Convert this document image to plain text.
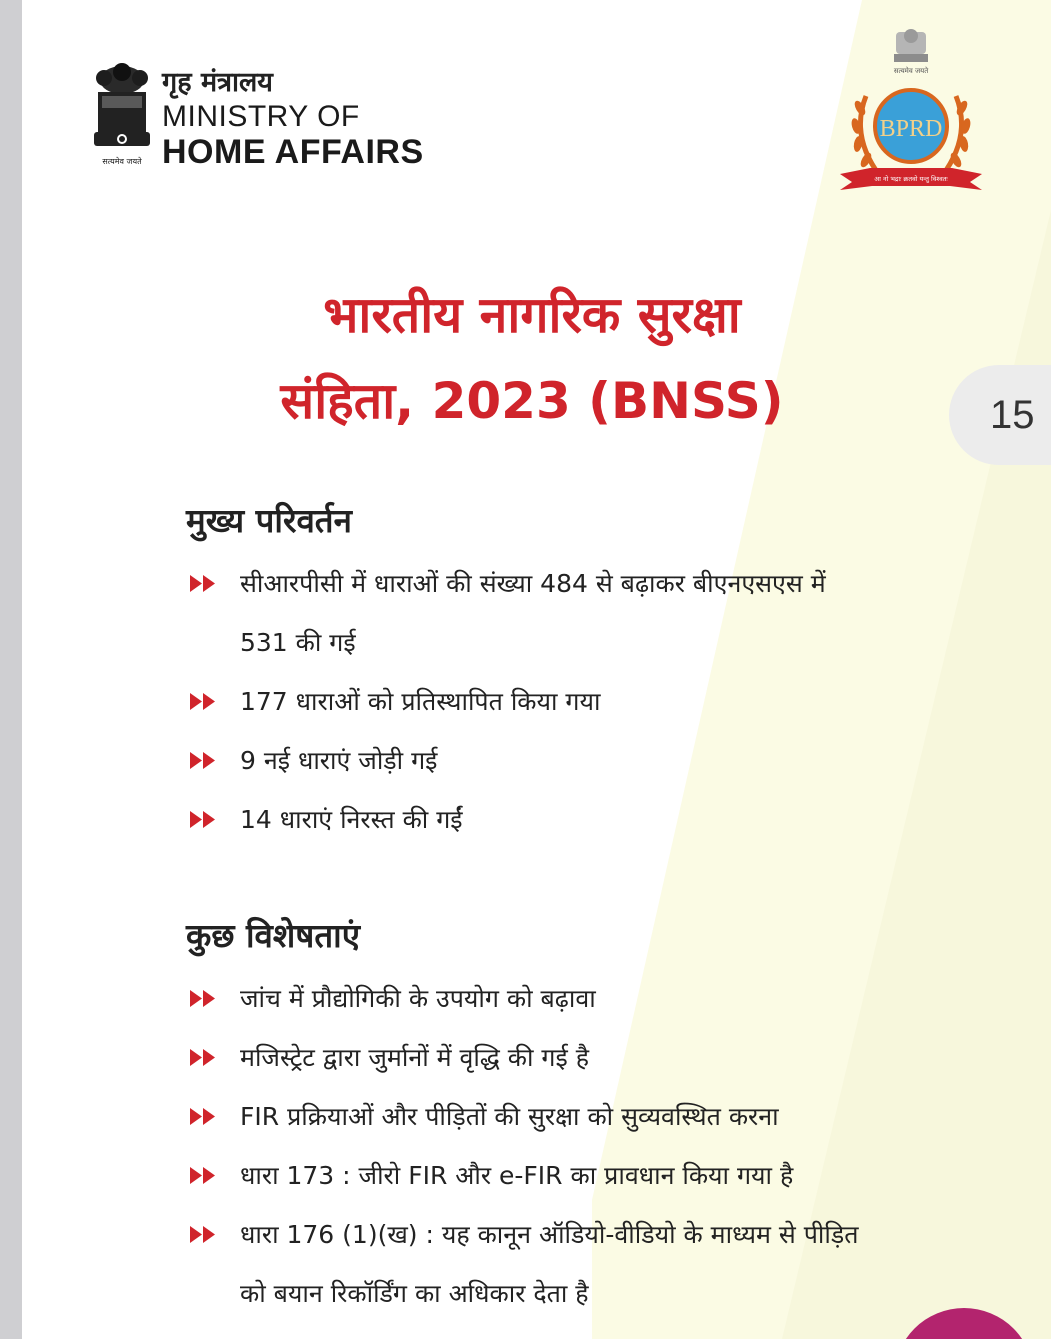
सत्यमेव जयते
गृह मंत्रालय
MINISTRY OF
HOME AFFAIRS
सत्यमेव जयते
BPRD
आ नो भद्राः क्रतवो यन्तु विश्वतः
भारतीय नागरिक सुरक्षा
संहिता, 2023 (BNSS)	15
मुख्य परिवर्तन
सीआरपीसी में धाराओं की संख्या 484 से बढ़ाकर बीएनएसएस में 531 की गई
177 धाराओं को प्रतिस्थापित किया गया
9 नई धाराएं जोड़ी गई
14 धाराएं निरस्त की गईं
कुछ विशेषताएं
जांच में प्रौद्योगिकी के उपयोग को बढ़ावा
मजिस्ट्रेट द्वारा जुर्मानों में वृद्धि की गई है
FIR प्रक्रियाओं और पीड़ितों की सुरक्षा को सुव्यवस्थित करना
धारा 173 : जीरो FIR और e-FIR का प्रावधान किया गया है
धारा 176 (1)(ख) : यह कानून ऑडियो-वीडियो के माध्यम से पीड़ित को बयान रिकॉर्डिंग का अधिकार देता है
